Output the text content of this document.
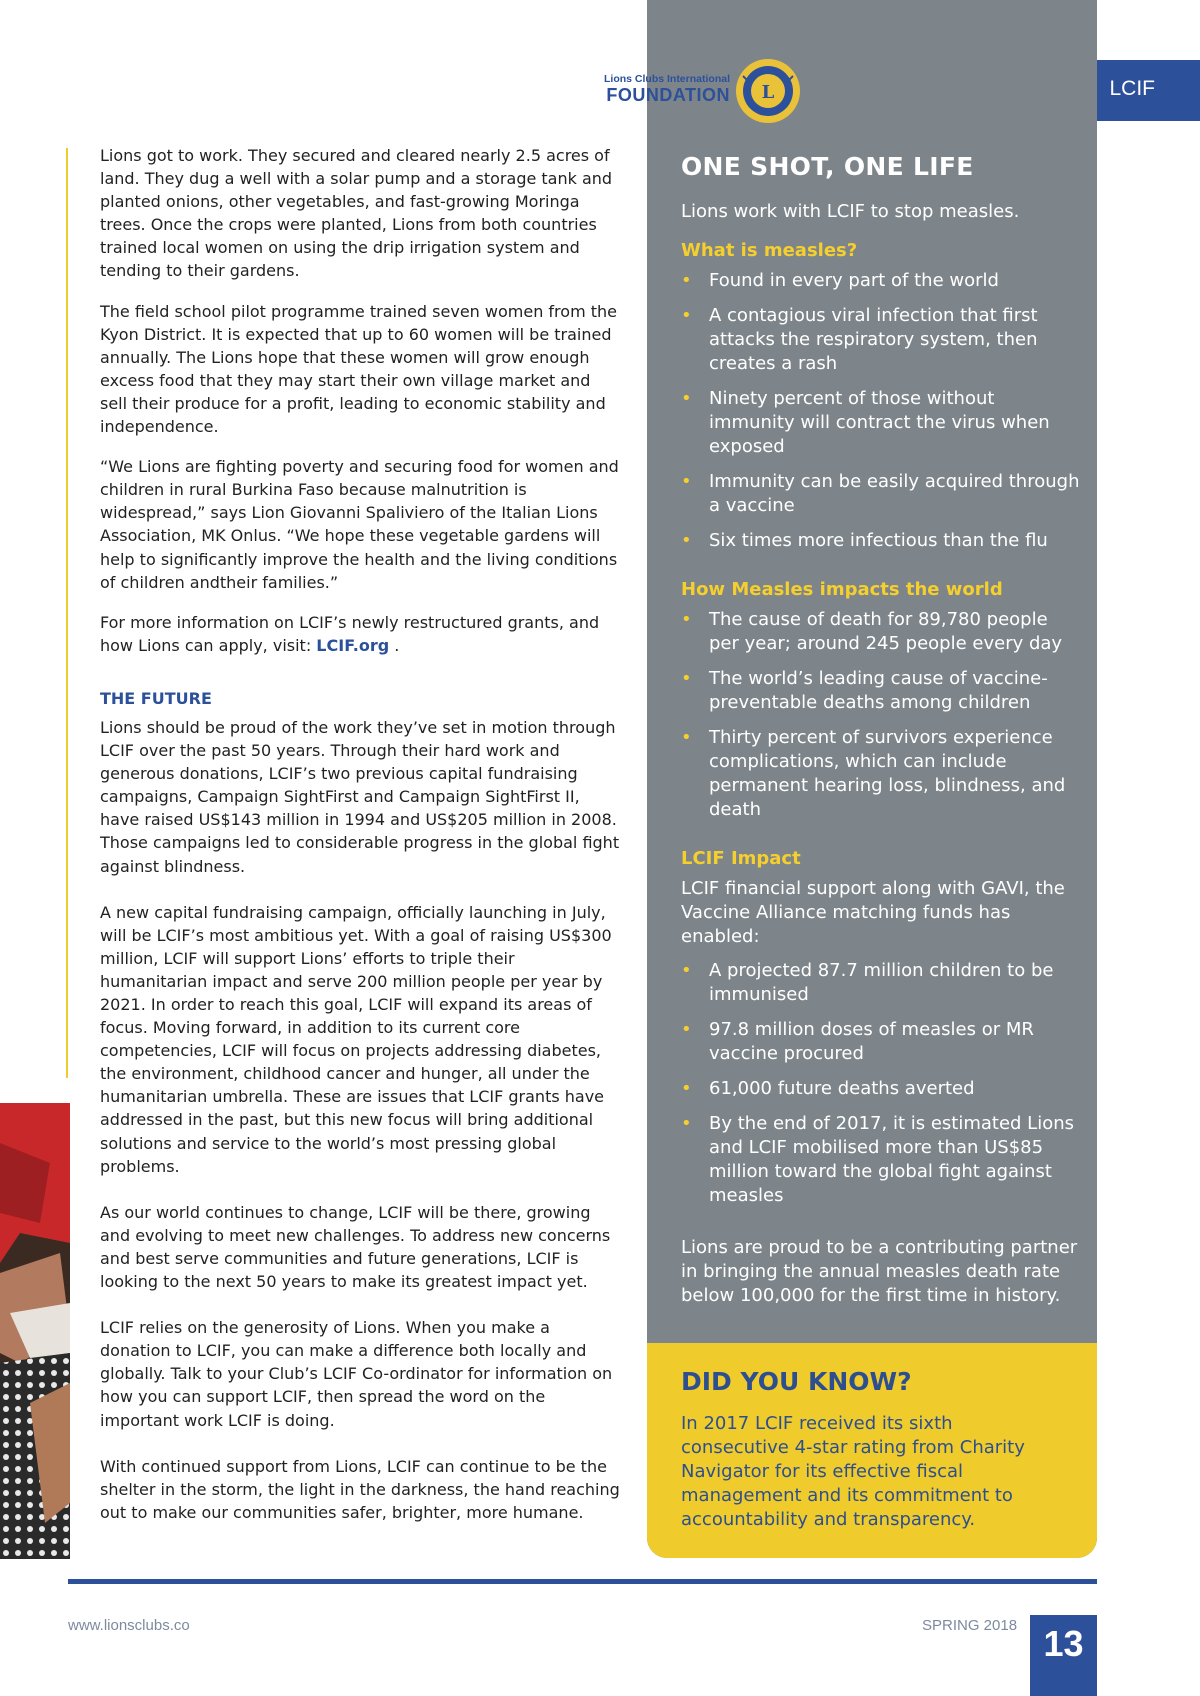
LCIF
ONE SHOT, ONE LIFE

Lions work with LCIF to stop measles.

What is measles?
• Found in every part of the world
• A contagious viral infection that first attacks the respiratory system, then creates a rash
• Ninety percent of those without immunity will contract the virus when exposed
• Immunity can be easily acquired through a vaccine
• Six times more infectious than the flu
How Measles impacts the world
• The cause of death for 89,780 people per year; around 245 people every day
• The world’s leading cause of vaccine-preventable deaths among children
• Thirty percent of survivors experience complications, which can include permanent hearing loss, blindness, and death
LCIF Impact

LCIF financial support along with GAVI, the Vaccine Alliance matching funds has enabled:

• A projected 87.7 million children to be immunised
• 97.8 million doses of measles or MR vaccine procured
• 61,000 future deaths averted
• By the end of 2017, it is estimated Lions and LCIF mobilised more than US$85 million toward the global fight against measles

Lions are proud to be a contributing partner in bringing the annual measles death rate below 100,000 for the first time in history.

DID YOU KNOW?

In 2017 LCIF received its sixth consecutive 4-star rating from Charity Navigator for its effective fiscal management and its commitment to accountability and transparency.

Lions Clubs International
FOUNDATION L

Lions got to work. They secured and cleared nearly 2.5 acres of land. They dug a well with a solar pump and a storage tank and planted onions, other vegetables, and fast-growing Moringa trees. Once the crops were planted, Lions from both countries trained local women on using the drip irrigation system and tending to their gardens.

The field school pilot programme trained seven women from the Kyon District. It is expected that up to 60 women will be trained annually. The Lions hope that these women will grow enough excess food that they may start their own village market and sell their produce for a profit, leading to economic stability and independence.

“We Lions are fighting poverty and securing food for women and children in rural Burkina Faso because malnutrition is widespread,” says Lion Giovanni Spaliviero of the Italian Lions Association, MK Onlus. “We hope these vegetable gardens will help to significantly improve the health and the living conditions of children andtheir families.”

For more information on LCIF’s newly restructured grants, and how Lions can apply, visit: LCIF.org .

THE FUTURE

Lions should be proud of the work they’ve set in motion through LCIF over the past 50 years. Through their hard work and generous donations, LCIF’s two previous capital fundraising campaigns, Campaign SightFirst and Campaign SightFirst II, have raised US$143 million in 1994 and US$205 million in 2008. Those campaigns led to considerable progress in the global fight against blindness.

A new capital fundraising campaign, officially launching in July, will be LCIF’s most ambitious yet. With a goal of raising US$300 million, LCIF will support Lions’ efforts to triple their humanitarian impact and serve 200 million people per year by 2021. In order to reach this goal, LCIF will expand its areas of focus. Moving forward, in addition to its current core competencies, LCIF will focus on projects addressing diabetes, the environment, childhood cancer and hunger, all under the humanitarian umbrella. These are issues that LCIF grants have addressed in the past, but this new focus will bring additional solutions and service to the world’s most pressing global problems.

As our world continues to change, LCIF will be there, growing and evolving to meet new challenges. To address new concerns and best serve communities and future generations, LCIF is looking to the next 50 years to make its greatest impact yet.

LCIF relies on the generosity of Lions. When you make a donation to LCIF, you can make a difference both locally and globally. Talk to your Club’s LCIF Co-ordinator for information on how you can support LCIF, then spread the word on the important work LCIF is doing.

With continued support from Lions, LCIF can continue to be the shelter in the storm, the light in the darkness, the hand reaching out to make our communities safer, brighter, more humane.

www.lionsclubs.co	SPRING 2018 13
